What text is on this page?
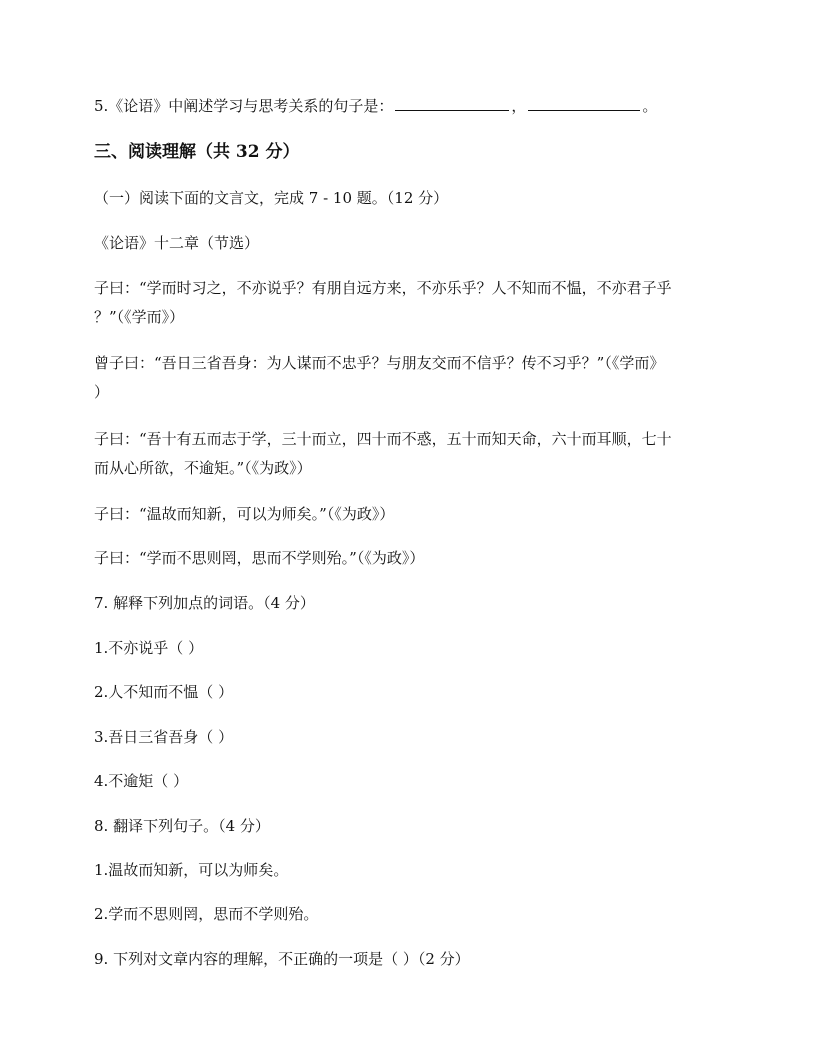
5.《论语》中阐述学习与思考关系的句子是：	，	。
三、阅读理解（共 32 分）
（一）阅读下面的文言文，完成 7 - 10 题。（12 分）
《论语》十二章（节选）
子曰：“学而时习之，不亦说乎？有朋自远方来，不亦乐乎？人不知而不愠，不亦君子乎
？”（《学而》）
曾子曰：“吾日三省吾身：为人谋而不忠乎？与朋友交而不信乎？传不习乎？”（《学而》
）
子曰：“吾十有五而志于学，三十而立，四十而不惑，五十而知天命，六十而耳顺，七十
而从心所欲，不逾矩。”（《为政》）
子曰：“温故而知新，可以为师矣。”（《为政》）
子曰：“学而不思则罔，思而不学则殆。”（《为政》）
7. 解释下列加点的词语。（4 分）
1.不亦说乎（ ）
2.人不知而不愠（ ）
3.吾日三省吾身（ ）
4.不逾矩（ ）
8. 翻译下列句子。（4 分）
1.温故而知新，可以为师矣。
2.学而不思则罔，思而不学则殆。
9. 下列对文章内容的理解，不正确的一项是（ ）（2 分）
